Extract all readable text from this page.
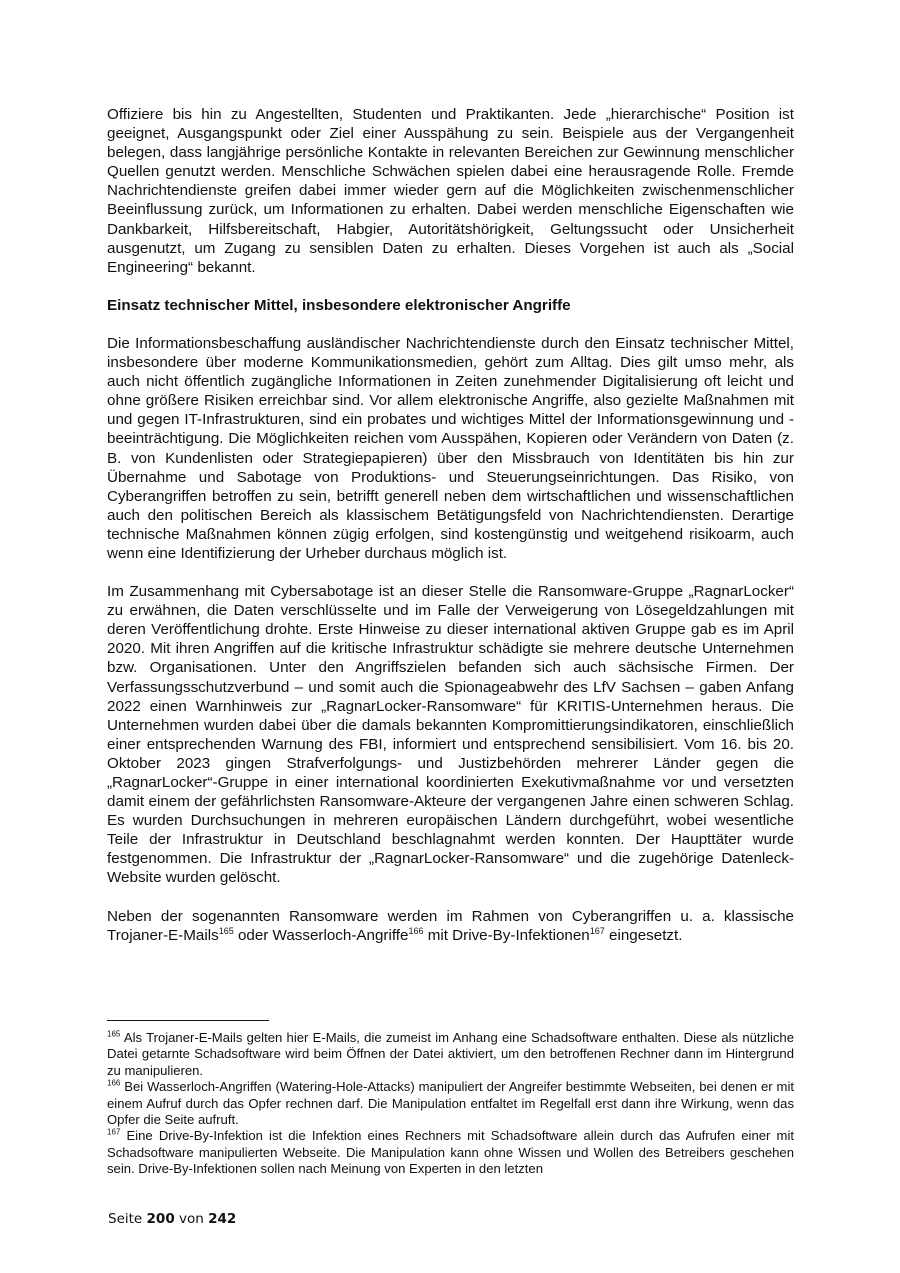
Offiziere bis hin zu Angestellten, Studenten und Praktikanten. Jede „hierarchische“ Position ist geeignet, Ausgangspunkt oder Ziel einer Ausspähung zu sein. Beispiele aus der Vergangenheit belegen, dass langjährige persönliche Kontakte in relevanten Bereichen zur Gewinnung menschlicher Quellen genutzt werden. Menschliche Schwächen spielen dabei eine herausragende Rolle. Fremde Nachrichtendienste greifen dabei immer wieder gern auf die Möglichkeiten zwischenmenschlicher Beeinflussung zurück, um Informationen zu erhalten. Dabei werden menschliche Eigenschaften wie Dankbarkeit, Hilfsbereitschaft, Habgier, Autoritätshörigkeit, Geltungssucht oder Unsicherheit ausgenutzt, um Zugang zu sensiblen Daten zu erhalten. Dieses Vorgehen ist auch als „Social Engineering“ bekannt.

Einsatz technischer Mittel, insbesondere elektronischer Angriffe

Die Informationsbeschaffung ausländischer Nachrichtendienste durch den Einsatz technischer Mittel, insbesondere über moderne Kommunikationsmedien, gehört zum Alltag. Dies gilt umso mehr, als auch nicht öffentlich zugängliche Informationen in Zeiten zunehmender Digitalisierung oft leicht und ohne größere Risiken erreichbar sind. Vor allem elektronische Angriffe, also gezielte Maßnahmen mit und gegen IT-Infrastrukturen, sind ein probates und wichtiges Mittel der Informationsgewinnung und -beeinträchtigung. Die Möglichkeiten reichen vom Ausspähen, Kopieren oder Verändern von Daten (z. B. von Kundenlisten oder Strategiepapieren) über den Missbrauch von Identitäten bis hin zur Übernahme und Sabotage von Produktions- und Steuerungseinrichtungen. Das Risiko, von Cyberangriffen betroffen zu sein, betrifft generell neben dem wirtschaftlichen und wissenschaftlichen auch den politischen Bereich als klassischem Betätigungsfeld von Nachrichtendiensten. Derartige technische Maßnahmen können zügig erfolgen, sind kostengünstig und weitgehend risikoarm, auch wenn eine Identifizierung der Urheber durchaus möglich ist.

Im Zusammenhang mit Cybersabotage ist an dieser Stelle die Ransomware-Gruppe „RagnarLocker“ zu erwähnen, die Daten verschlüsselte und im Falle der Verweigerung von Lösegeldzahlungen mit deren Veröffentlichung drohte. Erste Hinweise zu dieser international aktiven Gruppe gab es im April 2020. Mit ihren Angriffen auf die kritische Infrastruktur schädigte sie mehrere deutsche Unternehmen bzw. Organisationen. Unter den Angriffszielen befanden sich auch sächsische Firmen. Der Verfassungsschutzverbund – und somit auch die Spionageabwehr des LfV Sachsen – gaben Anfang 2022 einen Warnhinweis zur „RagnarLocker-Ransomware“ für KRITIS-Unternehmen heraus. Die Unternehmen wurden dabei über die damals bekannten Kompromittierungsindikatoren, einschließlich einer entsprechenden Warnung des FBI, informiert und entsprechend sensibilisiert. Vom 16. bis 20. Oktober 2023 gingen Strafverfolgungs- und Justizbehörden mehrerer Länder gegen die „RagnarLocker“-Gruppe in einer international koordinierten Exekutivmaßnahme vor und versetzten damit einem der gefährlichsten Ransomware-Akteure der vergangenen Jahre einen schweren Schlag. Es wurden Durchsuchungen in mehreren europäischen Ländern durchgeführt, wobei wesentliche Teile der Infrastruktur in Deutschland beschlagnahmt werden konnten. Der Haupttäter wurde festgenommen. Die Infrastruktur der „RagnarLocker-Ransomware“ und die zugehörige Datenleck-Website wurden gelöscht.

Neben der sogenannten Ransomware werden im Rahmen von Cyberangriffen u. a. klassische Trojaner-E-Mails$^{165}$ oder Wasserloch-Angriffe$^{166}$ mit Drive-By-Infektionen$^{167}$ eingesetzt.

$^{165}$ Als Trojaner-E-Mails gelten hier E-Mails, die zumeist im Anhang eine Schadsoftware enthalten. Diese als nützliche Datei getarnte Schadsoftware wird beim Öffnen der Datei aktiviert, um den betroffenen Rechner dann im Hintergrund zu manipulieren.

$^{166}$ Bei Wasserloch-Angriffen (Watering-Hole-Attacks) manipuliert der Angreifer bestimmte Webseiten, bei denen er mit einem Aufruf durch das Opfer rechnen darf. Die Manipulation entfaltet im Regelfall erst dann ihre Wirkung, wenn das Opfer die Seite aufruft.

$^{167}$ Eine Drive-By-Infektion ist die Infektion eines Rechners mit Schadsoftware allein durch das Aufrufen einer mit Schadsoftware manipulierten Webseite. Die Manipulation kann ohne Wissen und Wollen des Betreibers geschehen sein. Drive-By-Infektionen sollen nach Meinung von Experten in den letzten

Seite 200 von 242
